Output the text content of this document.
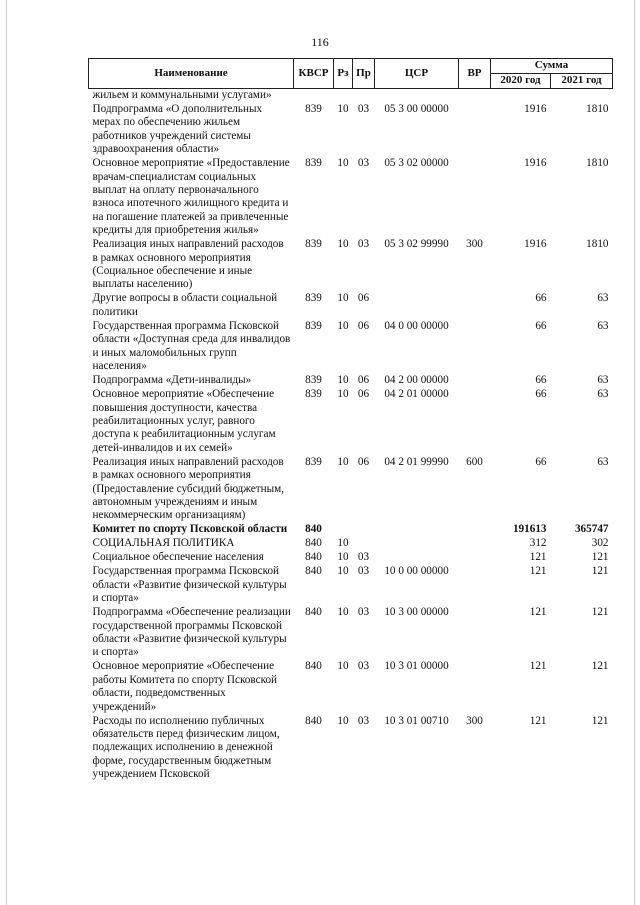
116
Наименование	КВСР	Рз	Пр	ЦСР	ВР	Сумма	
						2020 год	2021 год
жильем и коммунальными услугами»							
Подпрограмма «О дополнительных мерах по обеспечению жильем работников учреждений системы здравоохранения области»	839	10	03	05 3 00 00000		1916	1810
Основное мероприятие «Предоставление врачам-специалистам социальных выплат на оплату первоначального взноса ипотечного жилищного кредита и на погашение платежей за привлеченные кредиты для приобретения жилья»	839	10	03	05 3 02 00000		1916	1810
Реализация иных направлений расходов в рамках основного мероприятия (Социальное обеспечение и иные выплаты населению)	839	10	03	05 3 02 99990	300	1916	1810
Другие вопросы в области социальной политики	839	10	06			66	63
Государственная программа Псковской области «Доступная среда для инвалидов и иных маломобильных групп населения»	839	10	06	04 0 00 00000		66	63
Подпрограмма «Дети-инвалиды»	839	10	06	04 2 00 00000		66	63
Основное мероприятие «Обеспечение повышения доступности, качества реабилитационных услуг, равного доступа к реабилитационным услугам детей-инвалидов и их семей»	839	10	06	04 2 01 00000		66	63
Реализация иных направлений расходов в рамках основного мероприятия (Предоставление субсидий бюджетным, автономным учреждениям и иным некоммерческим организациям)	839	10	06	04 2 01 99990	600	66	63
Комитет по спорту Псковской области	840					191613	365747
СОЦИАЛЬНАЯ ПОЛИТИКА	840	10				312	302
Социальное обеспечение населения	840	10	03			121	121
Государственная программа Псковской области «Развитие физической культуры и спорта»	840	10	03	10 0 00 00000		121	121
Подпрограмма «Обеспечение реализации государственной программы Псковской области «Развитие физической культуры и спорта»	840	10	03	10 3 00 00000		121	121
Основное мероприятие «Обеспечение работы Комитета по спорту Псковской области, подведомственных учреждений»	840	10	03	10 3 01 00000		121	121
Расходы по исполнению публичных обязательств перед физическим лицом, подлежащих исполнению в денежной форме, государственным бюджетным учреждением Псковской	840	10	03	10 3 01 00710	300	121	121
